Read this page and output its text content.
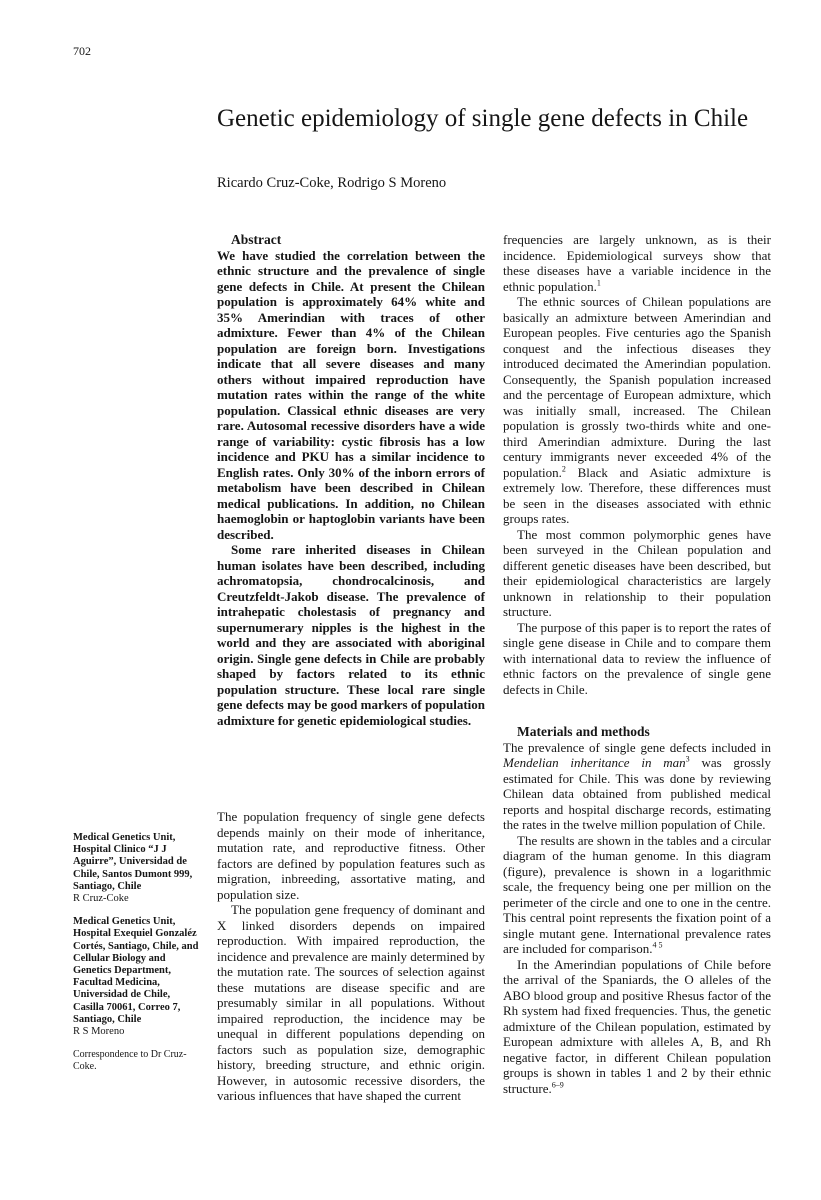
702
Genetic epidemiology of single gene defects in Chile
Ricardo Cruz-Coke, Rodrigo S Moreno

Abstract

We have studied the correlation between the ethnic structure and the prevalence of single gene defects in Chile. At present the Chilean population is approximately 64% white and 35% Amerindian with traces of other admixture. Fewer than 4% of the Chilean population are foreign born. Investigations indicate that all severe diseases and many others without impaired reproduction have mutation rates within the range of the white population. Classical ethnic diseases are very rare. Autosomal recessive disorders have a wide range of variability: cystic fibrosis has a low incidence and PKU has a similar incidence to English rates. Only 30% of the inborn errors of metabolism have been described in Chilean medical publications. In addition, no Chilean haemoglobin or haptoglobin variants have been described.

Some rare inherited diseases in Chilean human isolates have been described, including achromatopsia, chondrocalcinosis, and Creutzfeldt-Jakob disease. The prevalence of intrahepatic cholestasis of pregnancy and supernumerary nipples is the highest in the world and they are associated with aboriginal origin. Single gene defects in Chile are probably shaped by factors related to its ethnic population structure. These local rare single gene defects may be good markers of population admixture for genetic epidemiological studies.

The population frequency of single gene defects depends mainly on their mode of inheritance, mutation rate, and reproductive fitness. Other factors are defined by population features such as migration, inbreeding, assortative mating, and population size.

The population gene frequency of dominant and X linked disorders depends on impaired reproduction. With impaired reproduction, the incidence and prevalence are mainly determined by the mutation rate. The sources of selection against these mutations are disease specific and are presumably similar in all populations. Without impaired reproduction, the incidence may be unequal in different populations depending on factors such as population size, demographic history, breeding structure, and ethnic origin. However, in autosomic recessive disorders, the various influences that have shaped the current

frequencies are largely unknown, as is their incidence. Epidemiological surveys show that these diseases have a variable incidence in the ethnic population.$^1$

The ethnic sources of Chilean populations are basically an admixture between Amerindian and European peoples. Five centuries ago the Spanish conquest and the infectious diseases they introduced decimated the Amerindian population. Consequently, the Spanish population increased and the percentage of European admixture, which was initially small, increased. The Chilean population is grossly two-thirds white and one-third Amerindian admixture. During the last century immigrants never exceeded 4% of the population.$^2$ Black and Asiatic admixture is extremely low. Therefore, these differences must be seen in the diseases associated with ethnic groups rates.

The most common polymorphic genes have been surveyed in the Chilean population and different genetic diseases have been described, but their epidemiological characteristics are largely unknown in relationship to their population structure.

The purpose of this paper is to report the rates of single gene disease in Chile and to compare them with international data to review the influence of ethnic factors on the prevalence of single gene defects in Chile.

Materials and methods

The prevalence of single gene defects included in Mendelian inheritance in man$^3$ was grossly estimated for Chile. This was done by reviewing Chilean data obtained from published medical reports and hospital discharge records, estimating the rates in the twelve million population of Chile.

The results are shown in the tables and a circular diagram of the human genome. In this diagram (figure), prevalence is shown in a logarithmic scale, the frequency being one per million on the perimeter of the circle and one to one in the centre. This central point represents the fixation point of a single mutant gene. International prevalence rates are included for comparison.$^{4 5}$

In the Amerindian populations of Chile before the arrival of the Spaniards, the O alleles of the ABO blood group and positive Rhesus factor of the Rh system had fixed frequencies. Thus, the genetic admixture of the Chilean population, estimated by European admixture with alleles A, B, and Rh negative factor, in different Chilean population groups is shown in tables 1 and 2 by their ethnic structure.$^{6-9}$

Medical Genetics Unit, Hospital Clinico “J J Aguirre”, Universidad de Chile, Santos Dumont 999, Santiago, Chile
R Cruz-Coke
Medical Genetics Unit, Hospital Exequiel Gonzaléz Cortés, Santiago, Chile, and Cellular Biology and Genetics Department, Facultad Medicina, Universidad de Chile, Casilla 70061, Correo 7, Santiago, Chile
R S Moreno
Correspondence to Dr Cruz-Coke.
